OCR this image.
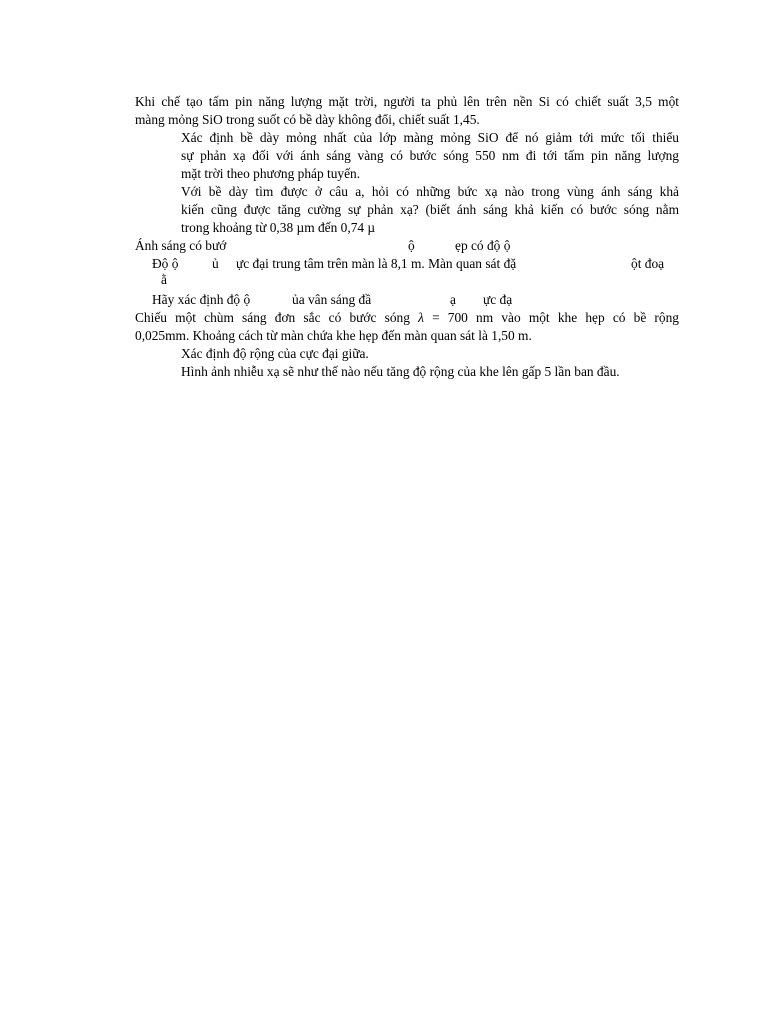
Khi chế tạo tấm pin năng lượng mặt trời, người ta phủ lên trên nền Si có chiết suất 3,5 một
màng mỏng SiO trong suốt có bề dày không đổi, chiết suất 1,45.
Xác định bề dày mỏng nhất của lớp màng mỏng SiO để nó giảm tới mức tối thiểu
sự phản xạ đối với ánh sáng vàng có bước sóng 550 nm đi tới tấm pin năng lượng
mặt trời theo phương pháp tuyến.
Với bề dày tìm được ở câu a, hỏi có những bức xạ nào trong vùng ánh sáng khả
kiến cũng được tăng cường sự phản xạ? (biết ánh sáng khả kiến có bước sóng nằm
trong khoảng từ 0,38 µm đến 0,74 µ
Ánh sáng có bướ	ộ	ẹp có độ ộ
Độ ộ	ủ ực đại trung tâm trên màn là 8,1 m. Màn quan sát đặ	ột đoạ
ằ
Hãy xác định độ ộ	ủa vân sáng đầ	ạ ực đạ
Chiếu một chùm sáng đơn sắc có bước sóng λ = 700 nm vào một khe hẹp có bề rộng
0,025mm. Khoảng cách từ màn chứa khe hẹp đến màn quan sát là 1,50 m.
Xác định độ rộng của cực đại giữa.
Hình ảnh nhiễu xạ sẽ như thế nào nếu tăng độ rộng của khe lên gấp 5 lần ban đầu.
